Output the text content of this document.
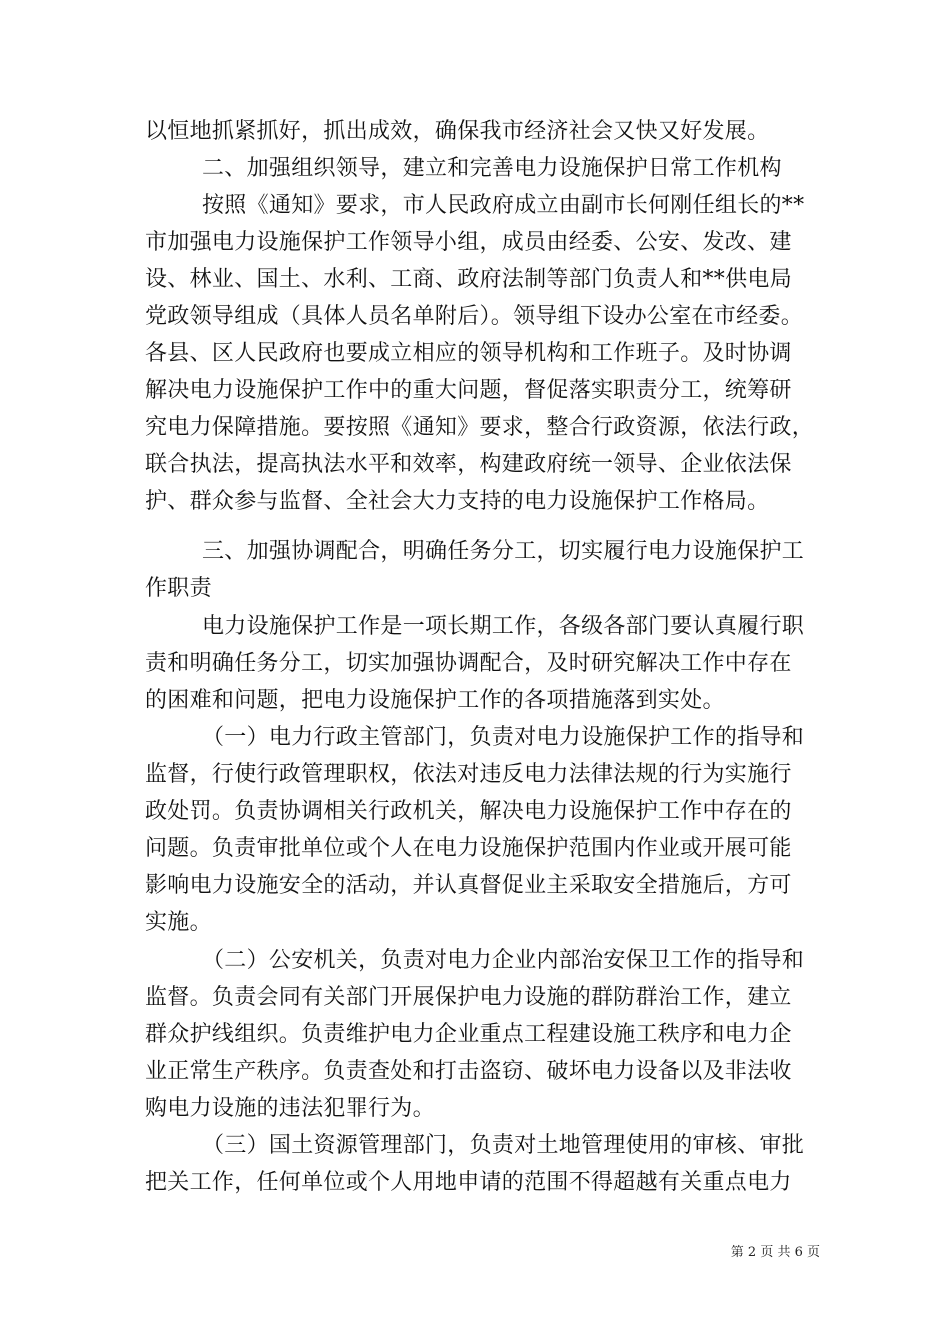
以恒地抓紧抓好，抓出成效，确保我市经济社会又快又好发展。
二、加强组织领导，建立和完善电力设施保护日常工作机构
按照《通知》要求，市人民政府成立由副市长何刚任组长的**
市加强电力设施保护工作领导小组，成员由经委、公安、发改、建
设、林业、国土、水利、工商、政府法制等部门负责人和**供电局
党政领导组成（具体人员名单附后）。领导组下设办公室在市经委。
各县、区人民政府也要成立相应的领导机构和工作班子。及时协调
解决电力设施保护工作中的重大问题，督促落实职责分工，统筹研
究电力保障措施。要按照《通知》要求，整合行政资源，依法行政，
联合执法，提高执法水平和效率，构建政府统一领导、企业依法保
护、群众参与监督、全社会大力支持的电力设施保护工作格局。
三、加强协调配合，明确任务分工，切实履行电力设施保护工
作职责
电力设施保护工作是一项长期工作，各级各部门要认真履行职
责和明确任务分工，切实加强协调配合，及时研究解决工作中存在
的困难和问题，把电力设施保护工作的各项措施落到实处。
（一）电力行政主管部门，负责对电力设施保护工作的指导和
监督，行使行政管理职权，依法对违反电力法律法规的行为实施行
政处罚。负责协调相关行政机关，解决电力设施保护工作中存在的
问题。负责审批单位或个人在电力设施保护范围内作业或开展可能
影响电力设施安全的活动，并认真督促业主采取安全措施后，方可
实施。
（二）公安机关，负责对电力企业内部治安保卫工作的指导和
监督。负责会同有关部门开展保护电力设施的群防群治工作，建立
群众护线组织。负责维护电力企业重点工程建设施工秩序和电力企
业正常生产秩序。负责查处和打击盗窃、破坏电力设备以及非法收
购电力设施的违法犯罪行为。
（三）国土资源管理部门，负责对土地管理使用的审核、审批
把关工作，任何单位或个人用地申请的范围不得超越有关重点电力
第 2 页 共 6 页
